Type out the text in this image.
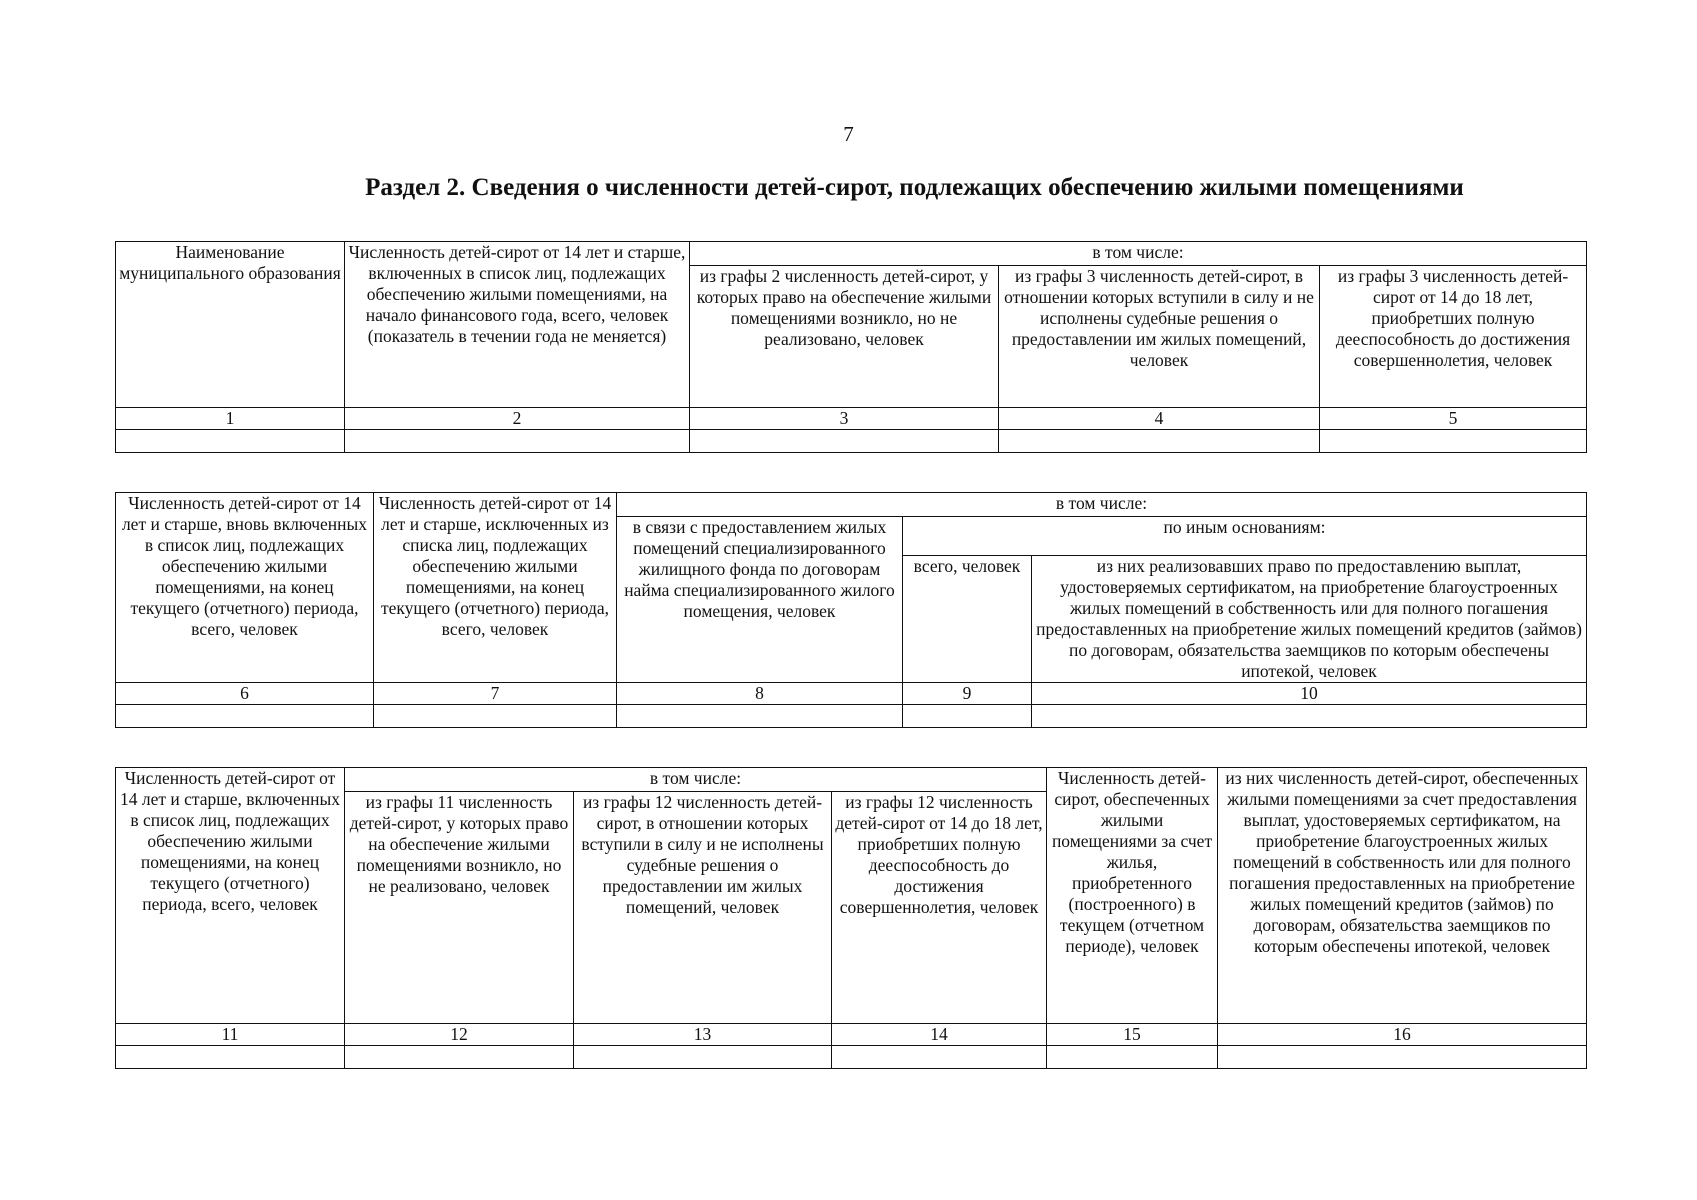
7
Раздел 2. Сведения о численности детей-сирот, подлежащих обеспечению жилыми помещениями
Наименование муниципального образования	Численность детей-сирот от 14 лет и старше, включенных в список лиц, подлежащих обеспечению жилыми помещениями, на начало финансового года, всего, человек (показатель в течении года не меняется)	в том числе:		
		из графы 2 численность детей-сирот, у которых право на обеспечение жилыми помещениями возникло, но не реализовано, человек	из графы 3 численность детей-сирот, в отношении которых вступили в силу и не исполнены судебные решения о предоставлении им жилых помещений, человек	из графы 3 численность детей-сирот от 14 до 18 лет, приобретших полную дееспособность до достижения совершеннолетия, человек
1	2	3	4	5

Численность детей-сирот от 14 лет и старше, вновь включенных в список лиц, подлежащих обеспечению жилыми помещениями, на конец текущего (отчетного) периода, всего, человек	Численность детей-сирот от 14 лет и старше, исключенных из списка лиц, подлежащих обеспечению жилыми помещениями, на конец текущего (отчетного) периода, всего, человек	в том числе:		
		в связи с предоставлением жилых помещений специализированного жилищного фонда по договорам найма специализированного жилого помещения, человек	по иным основаниям:	
			всего, человек	из них реализовавших право по предоставлению выплат, удостоверяемых сертификатом, на приобретение благоустроенных жилых помещений в собственность или для полного погашения предоставленных на приобретение жилых помещений кредитов (займов) по договорам, обязательства заемщиков по которым обеспечены ипотекой, человек
6	7	8	9	10

Численность детей-сирот от 14 лет и старше, включенных в список лиц, подлежащих обеспечению жилыми помещениями, на конец текущего (отчетного) периода, всего, человек	в том числе:			Численность детей-сирот, обеспеченных жилыми помещениями за счет жилья, приобретенного (построенного) в текущем (отчетном периоде), человек	из них численность детей-сирот, обеспеченных жилыми помещениями за счет предоставления выплат, удостоверяемых сертификатом, на приобретение благоустроенных жилых помещений в собственность или для полного погашения предоставленных на приобретение жилых помещений кредитов (займов) по договорам, обязательства заемщиков по которым обеспечены ипотекой, человек
	из графы 11 численность детей-сирот, у которых право на обеспечение жилыми помещениями возникло, но не реализовано, человек	из графы 12 численность детей-сирот, в отношении которых вступили в силу и не исполнены судебные решения о предоставлении им жилых помещений, человек	из графы 12 численность детей-сирот от 14 до 18 лет, приобретших полную дееспособность до достижения совершеннолетия, человек		
11	12	13	14	15	16
